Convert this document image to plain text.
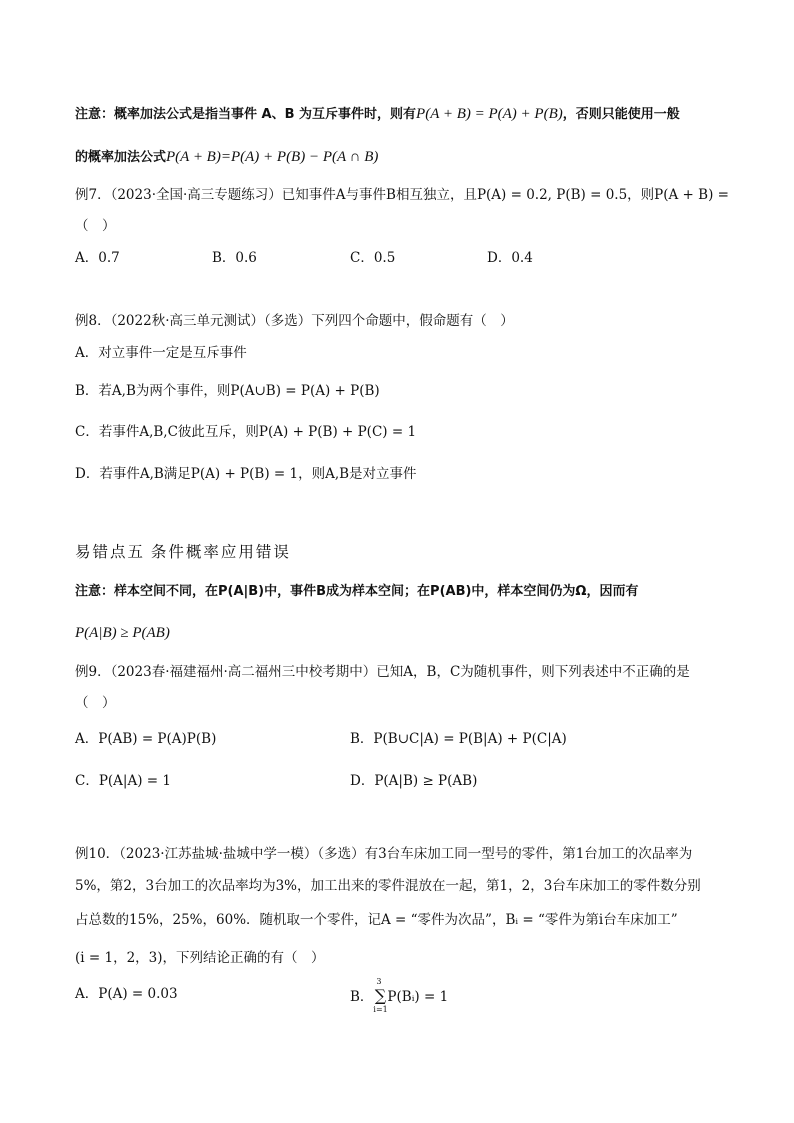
注意：概率加法公式是指当事件 A、B 为互斥事件时，则有P(A + B) = P(A) + P(B)，否则只能使用一般
的概率加法公式P(A + B)=P(A) + P(B) − P(A ∩ B)
例7．（2023·全国·高三专题练习）已知事件A与事件B相互独立，且P(A) = 0.2, P(B) = 0.5，则P(A + B) =
（　）
A．0.7	B．0.6	C．0.5	D．0.4
例8．（2022秋·高三单元测试）（多选）下列四个命题中，假命题有（　）
A．对立事件一定是互斥事件
B．若A,B为两个事件，则P(A∪B) = P(A) + P(B)
C．若事件A,B,C彼此互斥，则P(A) + P(B) + P(C) = 1
D．若事件A,B满足P(A) + P(B) = 1，则A,B是对立事件
易错点五 条件概率应用错误
注意：样本空间不同，在P(A|B)中，事件B成为样本空间；在P(AB)中，样本空间仍为Ω，因而有
P(A|B) ≥ P(AB)
例9．（2023春·福建福州·高二福州三中校考期中）已知A，B，C为随机事件，则下列表述中不正确的是
（　）
A．P(AB) = P(A)P(B)	B．P(B∪C|A) = P(B|A) + P(C|A)
C．P(A|A) = 1	D．P(A|B) ≥ P(AB)
例10．（2023·江苏盐城·盐城中学一模）（多选）有3台车床加工同一型号的零件，第1台加工的次品率为
5%，第2，3台加工的次品率均为3%，加工出来的零件混放在一起，第1，2，3台车床加工的零件数分别
占总数的15%，25%，60%．随机取一个零件，记A = “零件为次品”，Bᵢ = “零件为第i台车床加工”
(i = 1，2，3)，下列结论正确的有（　）
A．P(A) = 0.03	B．∑
3
i=1
P(Bᵢ) = 1
